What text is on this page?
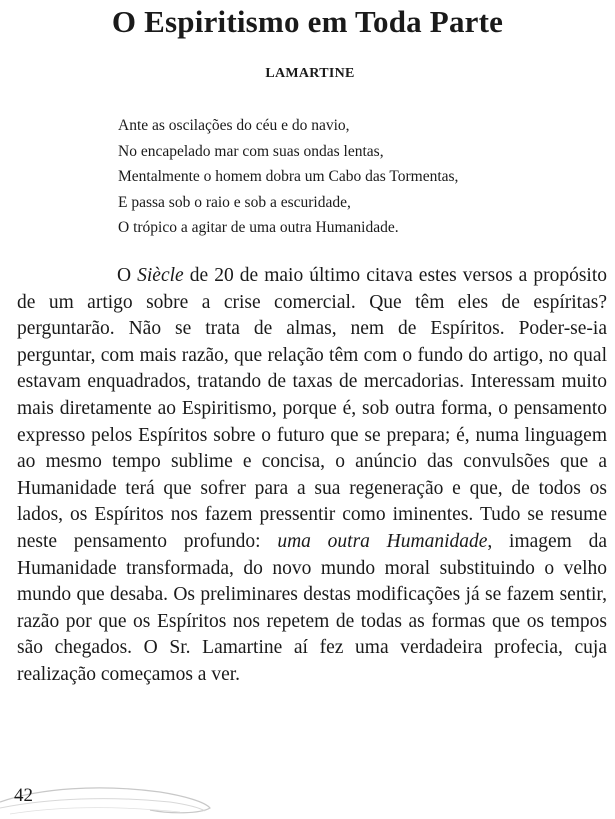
O Espiritismo em Toda Parte

LAMARTINE

Ante as oscilações do céu e do navio,
No encapelado mar com suas ondas lentas,
Mentalmente o homem dobra um Cabo das Tormentas,
E passa sob o raio e sob a escuridade,
O trópico a agitar de uma outra Humanidade.

O Siècle de 20 de maio último citava estes versos a propósito de um artigo sobre a crise comercial. Que têm eles de espíritas? perguntarão. Não se trata de almas, nem de Espíritos. Poder-se-ia perguntar, com mais razão, que relação têm com o fundo do artigo, no qual estavam enquadrados, tratando de taxas de mercadorias. Interessam muito mais diretamente ao Espiritismo, porque é, sob outra forma, o pensamento expresso pelos Espíritos sobre o futuro que se prepara; é, numa linguagem ao mesmo tempo sublime e concisa, o anúncio das convulsões que a Humanidade terá que sofrer para a sua regeneração e que, de todos os lados, os Espíritos nos fazem pressentir como iminentes. Tudo se resume neste pensamento profundo: uma outra Humanidade, imagem da Humanidade transformada, do novo mundo moral substituindo o velho mundo que desaba. Os preliminares destas modificações já se fazem sentir, razão por que os Espíritos nos repetem de todas as formas que os tempos são chegados. O Sr. Lamartine aí fez uma verdadeira profecia, cuja realização começamos a ver.

42
